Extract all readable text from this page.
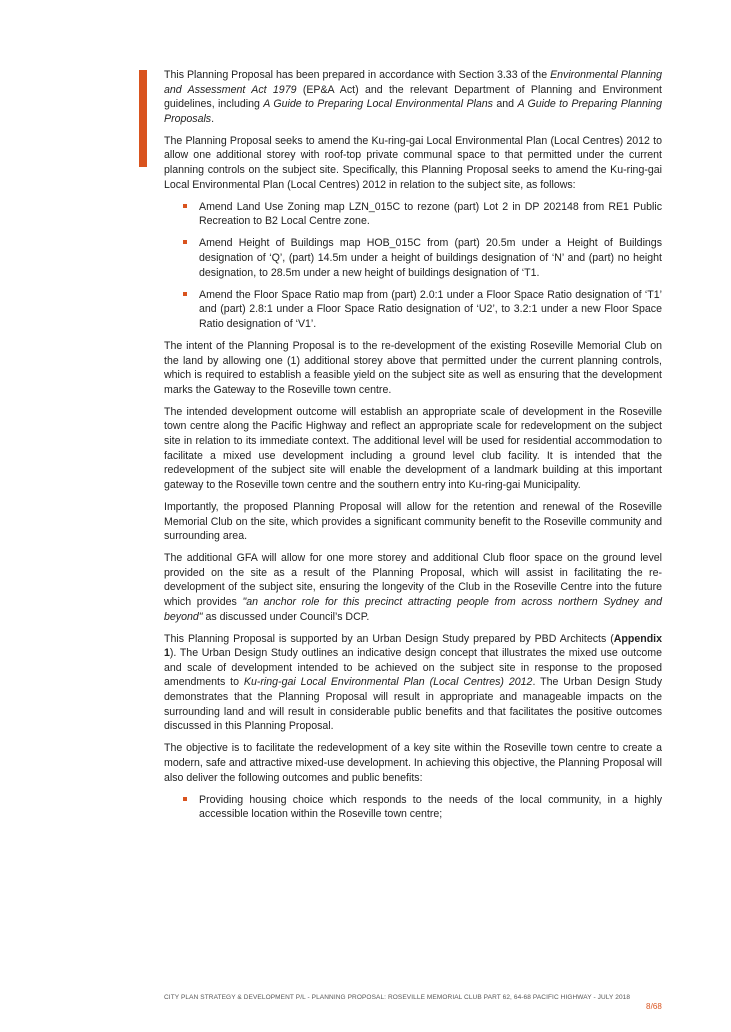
This Planning Proposal has been prepared in accordance with Section 3.33 of the Environmental Planning and Assessment Act 1979 (EP&A Act) and the relevant Department of Planning and Environment guidelines, including A Guide to Preparing Local Environmental Plans and A Guide to Preparing Planning Proposals.

The Planning Proposal seeks to amend the Ku-ring-gai Local Environmental Plan (Local Centres) 2012 to allow one additional storey with roof-top private communal space to that permitted under the current planning controls on the subject site. Specifically, this Planning Proposal seeks to amend the Ku-ring-gai Local Environmental Plan (Local Centres) 2012 in relation to the subject site, as follows:

Amend Land Use Zoning map LZN_015C to rezone (part) Lot 2 in DP 202148 from RE1 Public Recreation to B2 Local Centre zone.
Amend Height of Buildings map HOB_015C from (part) 20.5m under a Height of Buildings designation of ‘Q’, (part) 14.5m under a height of buildings designation of ‘N’ and (part) no height designation, to 28.5m under a new height of buildings designation of ‘T1.
Amend the Floor Space Ratio map from (part) 2.0:1 under a Floor Space Ratio designation of ‘T1’ and (part) 2.8:1 under a Floor Space Ratio designation of ‘U2’, to 3.2:1 under a new Floor Space Ratio designation of ‘V1’.

The intent of the Planning Proposal is to the re-development of the existing Roseville Memorial Club on the land by allowing one (1) additional storey above that permitted under the current planning controls, which is required to establish a feasible yield on the subject site as well as ensuring that the development marks the Gateway to the Roseville town centre.

The intended development outcome will establish an appropriate scale of development in the Roseville town centre along the Pacific Highway and reflect an appropriate scale for redevelopment on the subject site in relation to its immediate context. The additional level will be used for residential accommodation to facilitate a mixed use development including a ground level club facility. It is intended that the redevelopment of the subject site will enable the development of a landmark building at this important gateway to the Roseville town centre and the southern entry into Ku-ring-gai Municipality.

Importantly, the proposed Planning Proposal will allow for the retention and renewal of the Roseville Memorial Club on the site, which provides a significant community benefit to the Roseville community and surrounding area.

The additional GFA will allow for one more storey and additional Club floor space on the ground level provided on the site as a result of the Planning Proposal, which will assist in facilitating the re-development of the subject site, ensuring the longevity of the Club in the Roseville Centre into the future which provides "an anchor role for this precinct attracting people from across northern Sydney and beyond" as discussed under Council’s DCP.

This Planning Proposal is supported by an Urban Design Study prepared by PBD Architects (Appendix 1). The Urban Design Study outlines an indicative design concept that illustrates the mixed use outcome and scale of development intended to be achieved on the subject site in response to the proposed amendments to Ku-ring-gai Local Environmental Plan (Local Centres) 2012. The Urban Design Study demonstrates that the Planning Proposal will result in appropriate and manageable impacts on the surrounding land and will result in considerable public benefits and that facilitates the positive outcomes discussed in this Planning Proposal.

The objective is to facilitate the redevelopment of a key site within the Roseville town centre to create a modern, safe and attractive mixed-use development. In achieving this objective, the Planning Proposal will also deliver the following outcomes and public benefits:

Providing housing choice which responds to the needs of the local community, in a highly accessible location within the Roseville town centre;
CITY PLAN STRATEGY & DEVELOPMENT P/L - PLANNING PROPOSAL: ROSEVILLE MEMORIAL CLUB PART 62, 64-68 PACIFIC HIGHWAY - JULY 2018
8/68
